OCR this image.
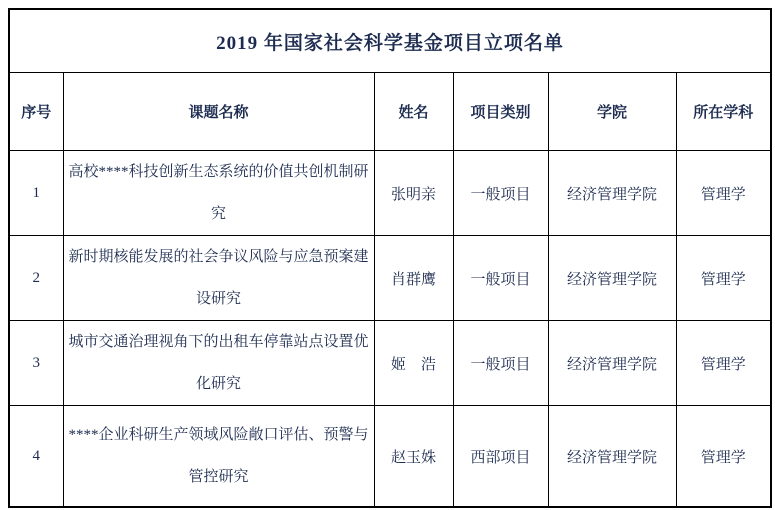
2019 年国家社会科学基金项目立项名单					
序号	课题名称	姓名	项目类别	学院	所在学科
1	高校****科技创新生态系统的价值共创机制研究	张明亲	一般项目	经济管理学院	管理学
2	新时期核能发展的社会争议风险与应急预案建设研究	肖群鹰	一般项目	经济管理学院	管理学
3	城市交通治理视角下的出租车停靠站点设置优化研究	姬　浩	一般项目	经济管理学院	管理学
4	****企业科研生产领域风险敞口评估、预警与管控研究	赵玉姝	西部项目	经济管理学院	管理学
